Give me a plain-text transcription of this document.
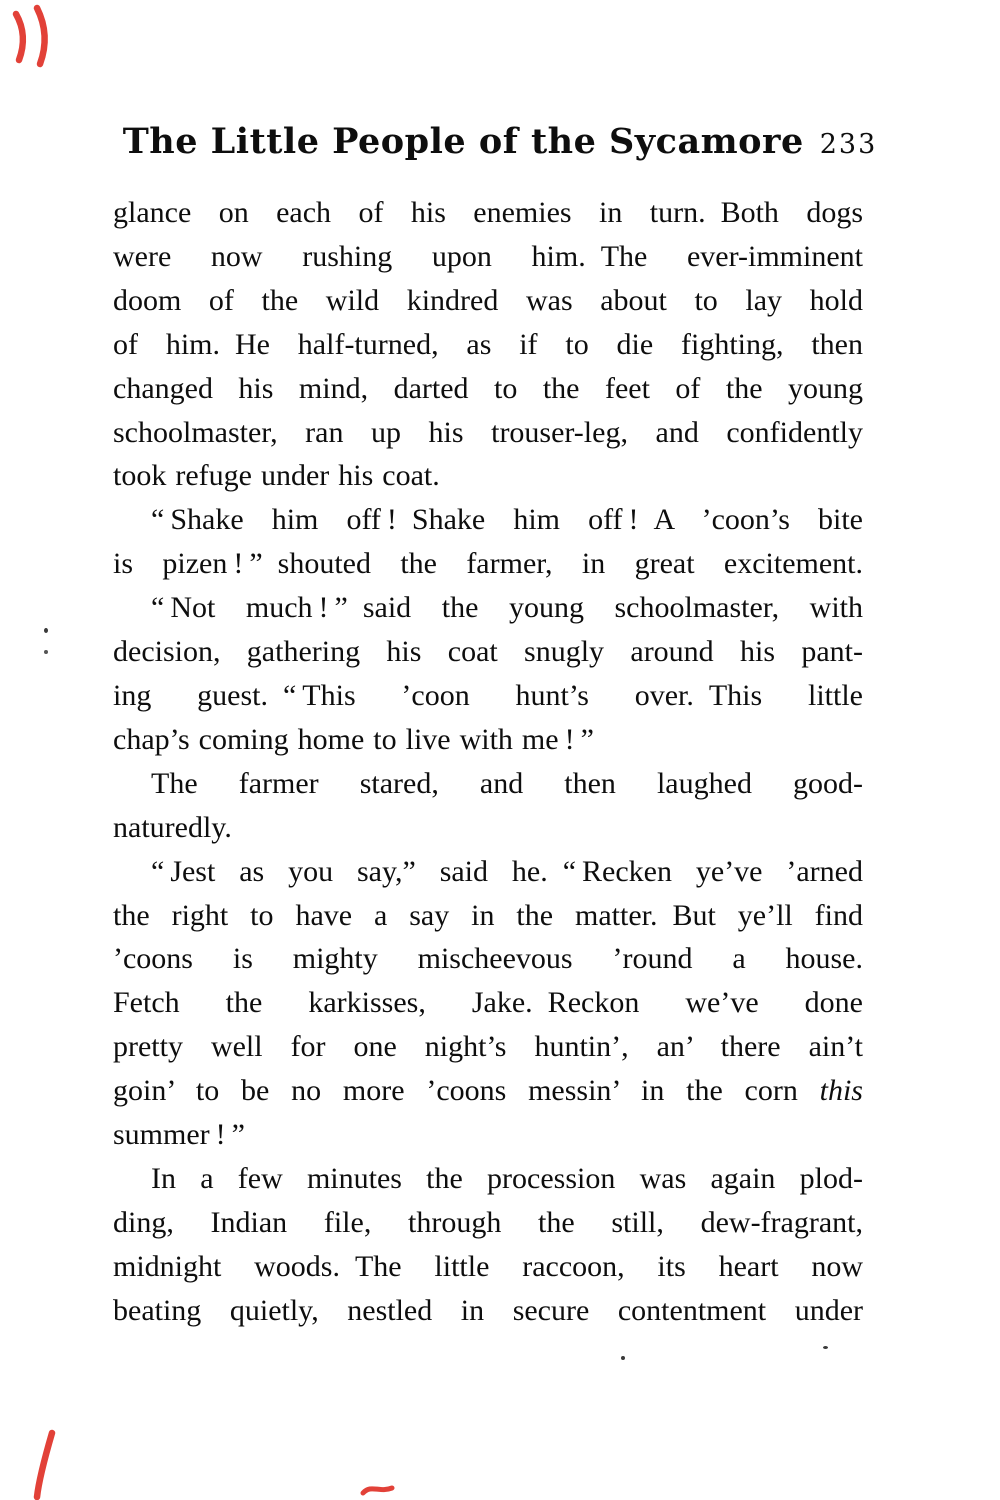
The Little People of the Sycamore 233
glance on each of his enemies in turn. Both dogs
were now rushing upon him. The ever-imminent
doom of the wild kindred was about to lay hold
of him. He half-turned, as if to die fighting, then
changed his mind, darted to the feet of the young
schoolmaster, ran up his trouser-leg, and confidently
took refuge under his coat.
“ Shake him off ! Shake him off ! A ’coon’s bite
is pizen ! ” shouted the farmer, in great excitement.
“ Not much ! ” said the young schoolmaster, with
decision, gathering his coat snugly around his pant-
ing guest. “ This ’coon hunt’s over. This little
chap’s coming home to live with me ! ”
The farmer stared, and then laughed good-
naturedly.
“ Jest as you say,” said he. “ Recken ye’ve ’arned
the right to have a say in the matter. But ye’ll find
’coons is mighty mischeevous ’round a house.
Fetch the karkisses, Jake. Reckon we’ve done
pretty well for one night’s huntin’, an’ there ain’t
goin’ to be no more ’coons messin’ in the corn this
summer ! ”
In a few minutes the procession was again plod-
ding, Indian file, through the still, dew-fragrant,
midnight woods. The little raccoon, its heart now
beating quietly, nestled in secure contentment under
